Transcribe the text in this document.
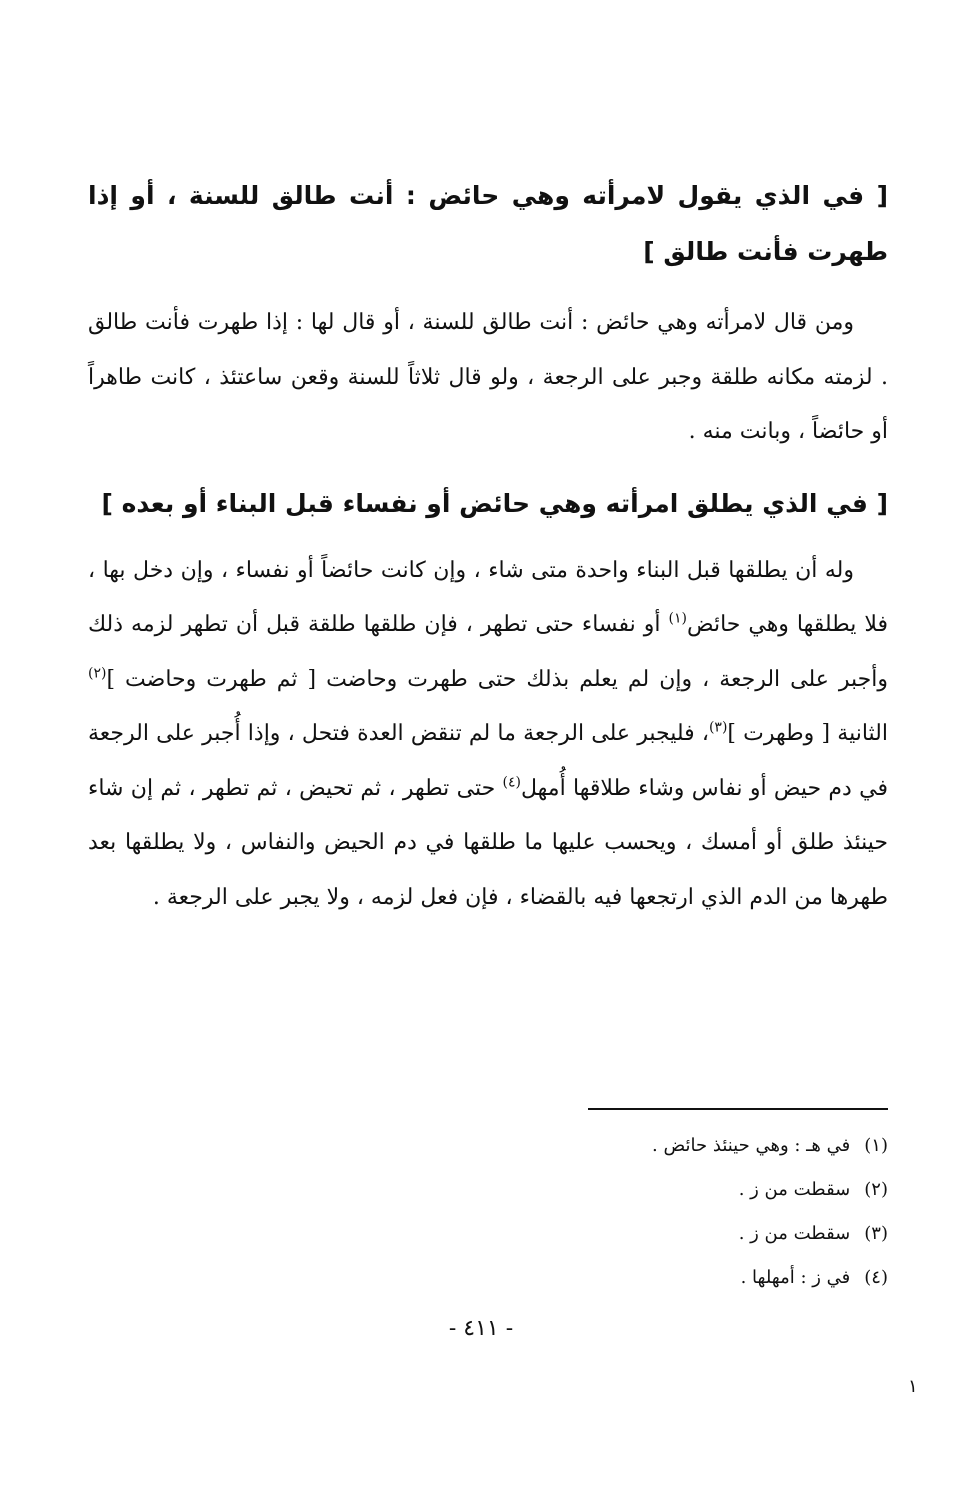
[ في الذي يقول لامرأته وهي حائض : أنت طالق للسنة ، أو إذا طهرت فأنت طالق ]

ومن قال لامرأته وهي حائض : أنت طالق للسنة ، أو قال لها : إذا طهرت فأنت طالق . لزمته مكانه طلقة وجبر على الرجعة ، ولو قال ثلاثاً للسنة وقعن ساعتئذ ، كانت طاهراً أو حائضاً ، وبانت منه .

[ في الذي يطلق امرأته وهي حائض أو نفساء قبل البناء أو بعده ]

وله أن يطلقها قبل البناء واحدة متى شاء ، وإن كانت حائضاً أو نفساء ، وإن دخل بها ، فلا يطلقها وهي حائض$^{(١)}$ أو نفساء حتى تطهر ، فإن طلقها طلقة قبل أن تطهر لزمه ذلك وأجبر على الرجعة ، وإن لم يعلم بذلك حتى طهرت وحاضت [ ثم طهرت وحاضت ]$^{(٢)}$ الثانية [ وطهرت ]$^{(٣)}$، فليجبر على الرجعة ما لم تنقض العدة فتحل ، وإذا أُجبر على الرجعة في دم حيض أو نفاس وشاء طلاقها أُمهل$^{(٤)}$ حتى تطهر ، ثم تحيض ، ثم تطهر ، ثم إن شاء حينئذ طلق أو أمسك ، ويحسب عليها ما طلقها في دم الحيض والنفاس ، ولا يطلقها بعد طهرها من الدم الذي ارتجعها فيه بالقضاء ، فإن فعل لزمه ، ولا يجبر على الرجعة .

(١)
في هـ : وهي حينئذ حائض .

(٢)
سقطت من ز .

(٣)
سقطت من ز .

(٤)
في ز : أمهلها .

- ٤١١ -
١
